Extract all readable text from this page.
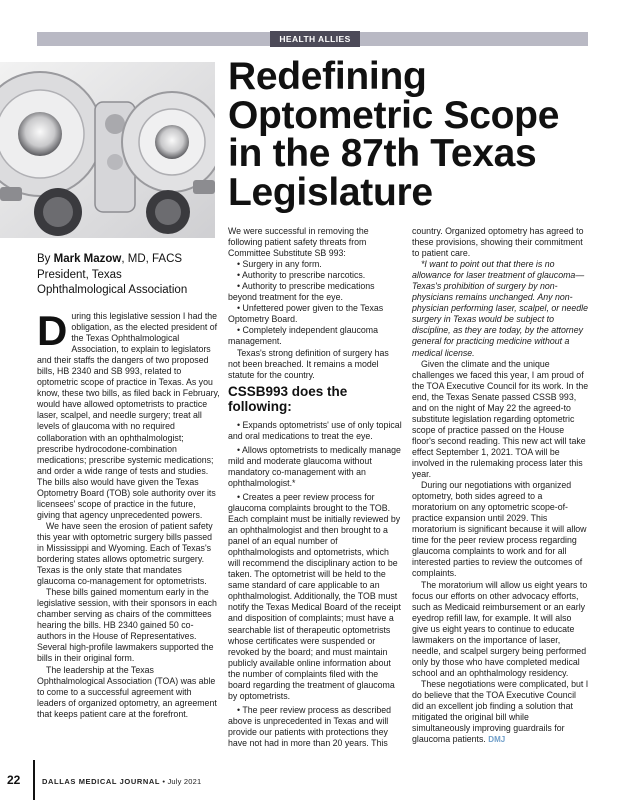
HEALTH ALLIES
Redefining
Optometric Scope
in the 87th Texas
Legislature
By Mark Mazow, MD, FACS
President, Texas
Ophthalmological Association

During this legislative session I had the obligation, as the elected president of the Texas Ophthalmological Association, to explain to legislators and their staffs the dangers of two proposed bills, HB 2340 and SB 993, related to optometric scope of practice in Texas. As you know, these two bills, as filed back in February, would have allowed optometrists to practice laser, scalpel, and needle surgery; treat all levels of glaucoma with no required collaboration with an ophthalmologist; prescribe hydrocodone-combination medications; prescribe systemic medications; and order a wide range of tests and studies. The bills also would have given the Texas Optometry Board (TOB) sole authority over its licensees' scope of practice in the future, giving that agency unprecedented powers.

We have seen the erosion of patient safety this year with optometric surgery bills passed in Mississippi and Wyoming. Each of Texas's bordering states allows optometric surgery. Texas is the only state that mandates glaucoma co-management for optometrists.

These bills gained momentum early in the legislative session, with their sponsors in each chamber serving as chairs of the committees hearing the bills. HB 2340 gained 50 co-authors in the House of Representatives. Several high-profile lawmakers supported the bills in their original form.

The leadership at the Texas Ophthalmological Association (TOA) was able to come to a successful agreement with leaders of organized optometry, an agreement that keeps patient care at the forefront.

We were successful in removing the following patient safety threats from Committee Substitute SB 993:

• Surgery in any form.

• Authority to prescribe narcotics.

• Authority to prescribe medications beyond treatment for the eye.

• Unfettered power given to the Texas Optometry Board.

• Completely independent glaucoma management.

Texas's strong definition of surgery has not been breached. It remains a model statute for the country.

CSSB993 does the following:

• Expands optometrists' use of only topical and oral medications to treat the eye.

• Allows optometrists to medically manage mild and moderate glaucoma without mandatory co-management with an ophthalmologist.*

• Creates a peer review process for glaucoma complaints brought to the TOB. Each complaint must be initially reviewed by an ophthalmologist and then brought to a panel of an equal number of ophthalmologists and optometrists, which will recommend the disciplinary action to be taken. The optometrist will be held to the same standard of care applicable to an ophthalmologist. Additionally, the TOB must notify the Texas Medical Board of the receipt and disposition of complaints; must have a searchable list of therapeutic optometrists whose certificates were suspended or revoked by the board; and must maintain publicly available online information about the number of complaints filed with the board regarding the treatment of glaucoma by optometrists.

• The peer review process as described above is unprecedented in Texas and will provide our patients with protections they have not had in more than 20 years. This

country. Organized optometry has agreed to these provisions, showing their commitment to patient care.

*I want to point out that there is no allowance for laser treatment of glaucoma—Texas's prohibition of surgery by non-physicians remains unchanged. Any non-physician performing laser, scalpel, or needle surgery in Texas would be subject to discipline, as they are today, by the attorney general for practicing medicine without a medical license.

Given the climate and the unique challenges we faced this year, I am proud of the TOA Executive Council for its work. In the end, the Texas Senate passed CSSB 993, and on the night of May 22 the agreed-to substitute legislation regarding optometric scope of practice passed on the House floor's second reading. This new act will take effect September 1, 2021. TOA will be involved in the rulemaking process later this year.

During our negotiations with organized optometry, both sides agreed to a moratorium on any optometric scope-of-practice expansion until 2029. This moratorium is significant because it will allow time for the peer review process regarding glaucoma complaints to work and for all interested parties to review the outcomes of complaints.

The moratorium will allow us eight years to focus our efforts on other advocacy efforts, such as Medicaid reimbursement or an early eyedrop refill law, for example. It will also give us eight years to continue to educate lawmakers on the importance of laser, needle, and scalpel surgery being performed only by those who have completed medical school and an ophthalmology residency.

These negotiations were complicated, but I do believe that the TOA Executive Council did an excellent job finding a solution that mitigated the original bill while simultaneously improving guardrails for glaucoma patients. DMJ

22	DALLAS MEDICAL JOURNAL • July 2021
